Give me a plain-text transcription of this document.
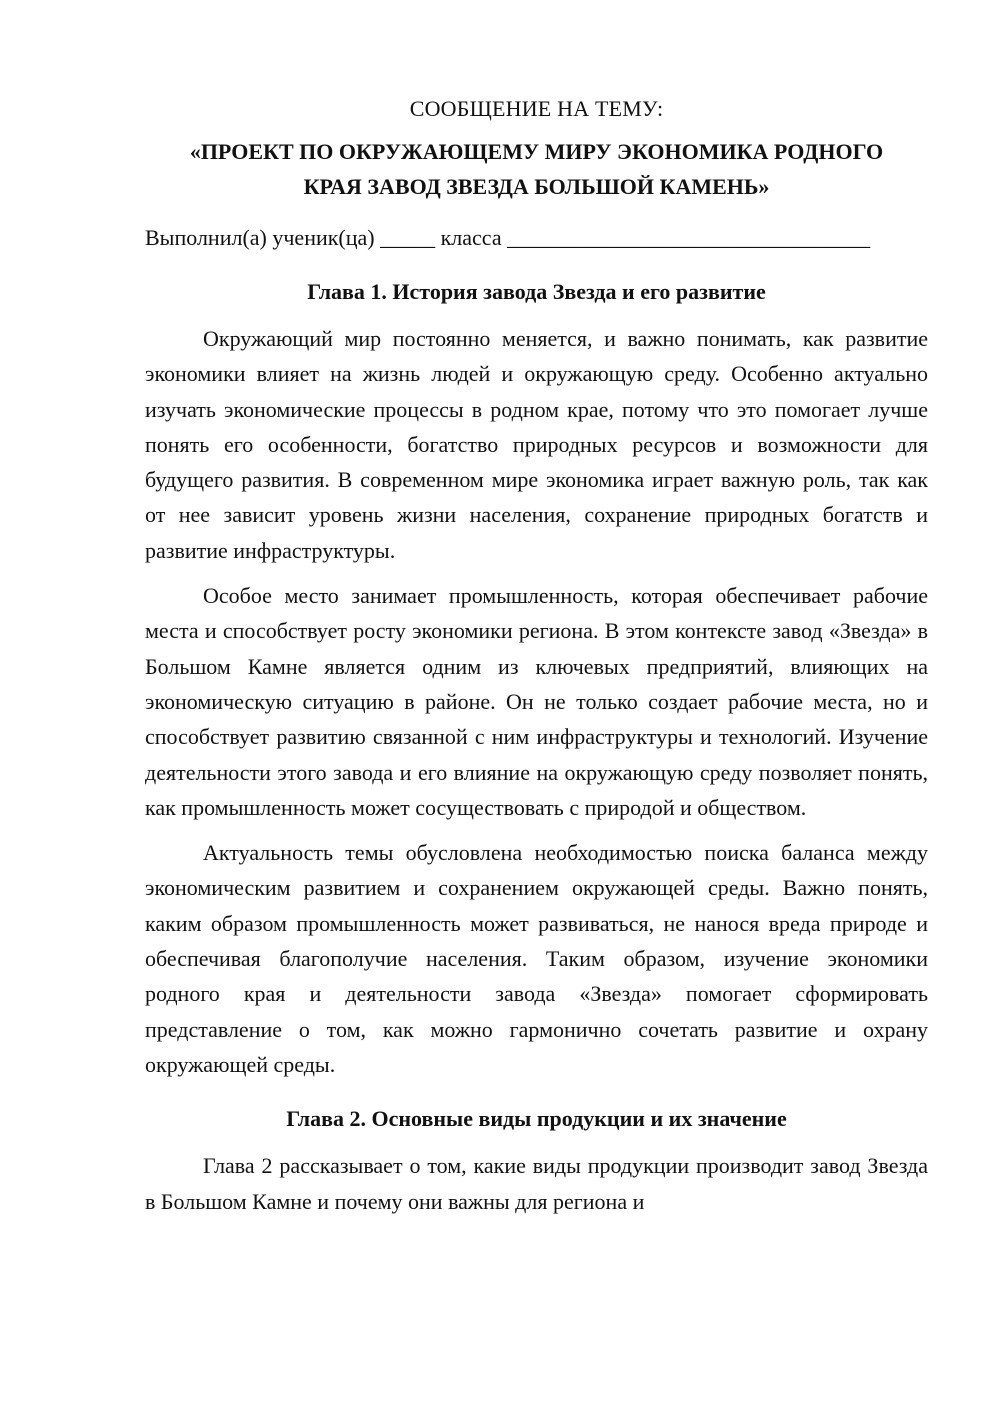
СООБЩЕНИЕ НА ТЕМУ:
«ПРОЕКТ ПО ОКРУЖАЮЩЕМУ МИРУ ЭКОНОМИКА РОДНОГО
КРАЯ ЗАВОД ЗВЕЗДА БОЛЬШОЙ КАМЕНЬ»
Выполнил(а) ученик(ца) _____ класса _________________________________
Глава 1. История завода Звезда и его развитие

Окружающий мир постоянно меняется, и важно понимать, как развитие экономики влияет на жизнь людей и окружающую среду. Особенно актуально изучать экономические процессы в родном крае, потому что это помогает лучше понять его особенности, богатство природных ресурсов и возможности для будущего развития. В современном мире экономика играет важную роль, так как от нее зависит уровень жизни населения, сохранение природных богатств и развитие инфраструктуры.

Особое место занимает промышленность, которая обеспечивает рабочие места и способствует росту экономики региона. В этом контексте завод «Звезда» в Большом Камне является одним из ключевых предприятий, влияющих на экономическую ситуацию в районе. Он не только создает рабочие места, но и способствует развитию связанной с ним инфраструктуры и технологий. Изучение деятельности этого завода и его влияние на окружающую среду позволяет понять, как промышленность может сосуществовать с природой и обществом.

Актуальность темы обусловлена необходимостью поиска баланса между экономическим развитием и сохранением окружающей среды. Важно понять, каким образом промышленность может развиваться, не нанося вреда природе и обеспечивая благополучие населения. Таким образом, изучение экономики родного края и деятельности завода «Звезда» помогает сформировать представление о том, как можно гармонично сочетать развитие и охрану окружающей среды.

Глава 2. Основные виды продукции и их значение

Глава 2 рассказывает о том, какие виды продукции производит завод Звезда в Большом Камне и почему они важны для региона и
